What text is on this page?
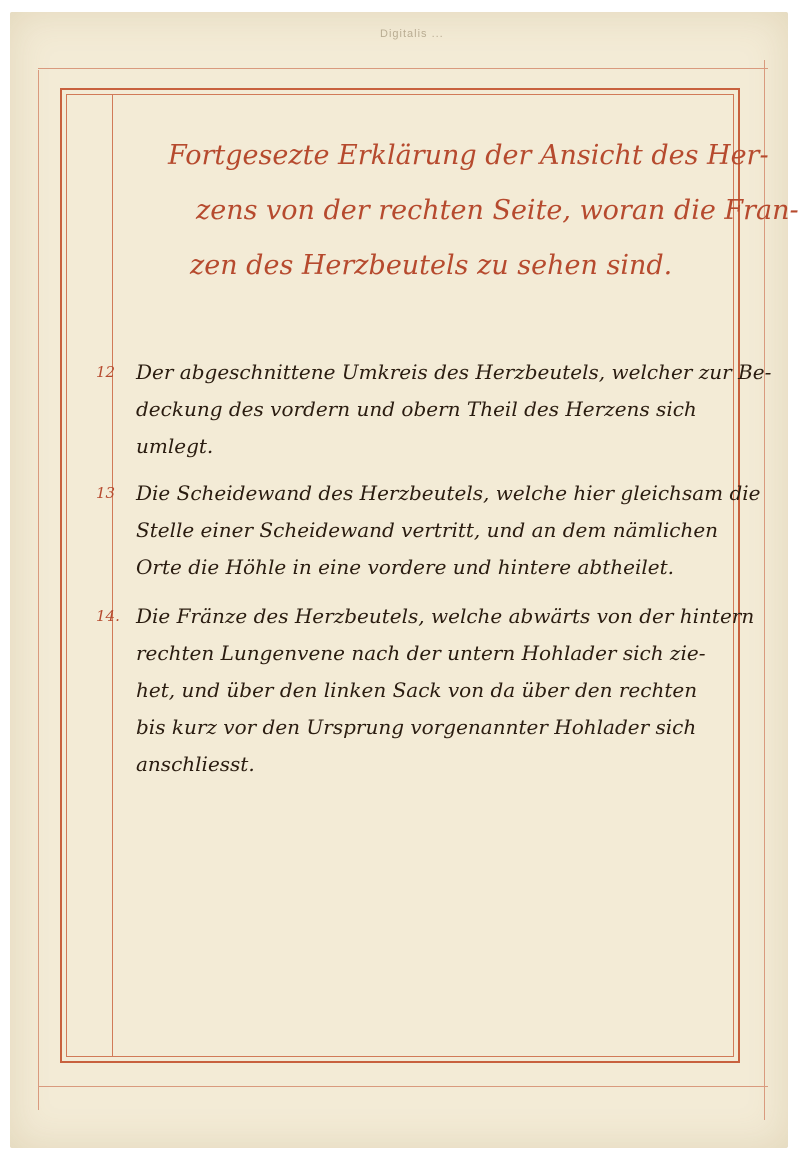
Digitalis ...
Fortgesezte Erklärung der Ansicht des Her-
zens von der rechten Seite, woran die Fran-
zen des Herzbeutels zu sehen sind.
12	Der abgeschnittene Umkreis des Herzbeutels, welcher zur Be-
deckung des vordern und obern Theil des Herzens sich
umlegt.
13	Die Scheidewand des Herzbeutels, welche hier gleichsam die
Stelle einer Scheidewand vertritt, und an dem nämlichen
Orte die Höhle in eine vordere und hintere abtheilet.
14. Die Fränze des Herzbeutels, welche abwärts von der hintern
rechten Lungenvene nach der untern Hohlader sich zie-
het, und über den linken Sack von da über den rechten
bis kurz vor den Ursprung vorgenannter Hohlader sich
anschliesst.
